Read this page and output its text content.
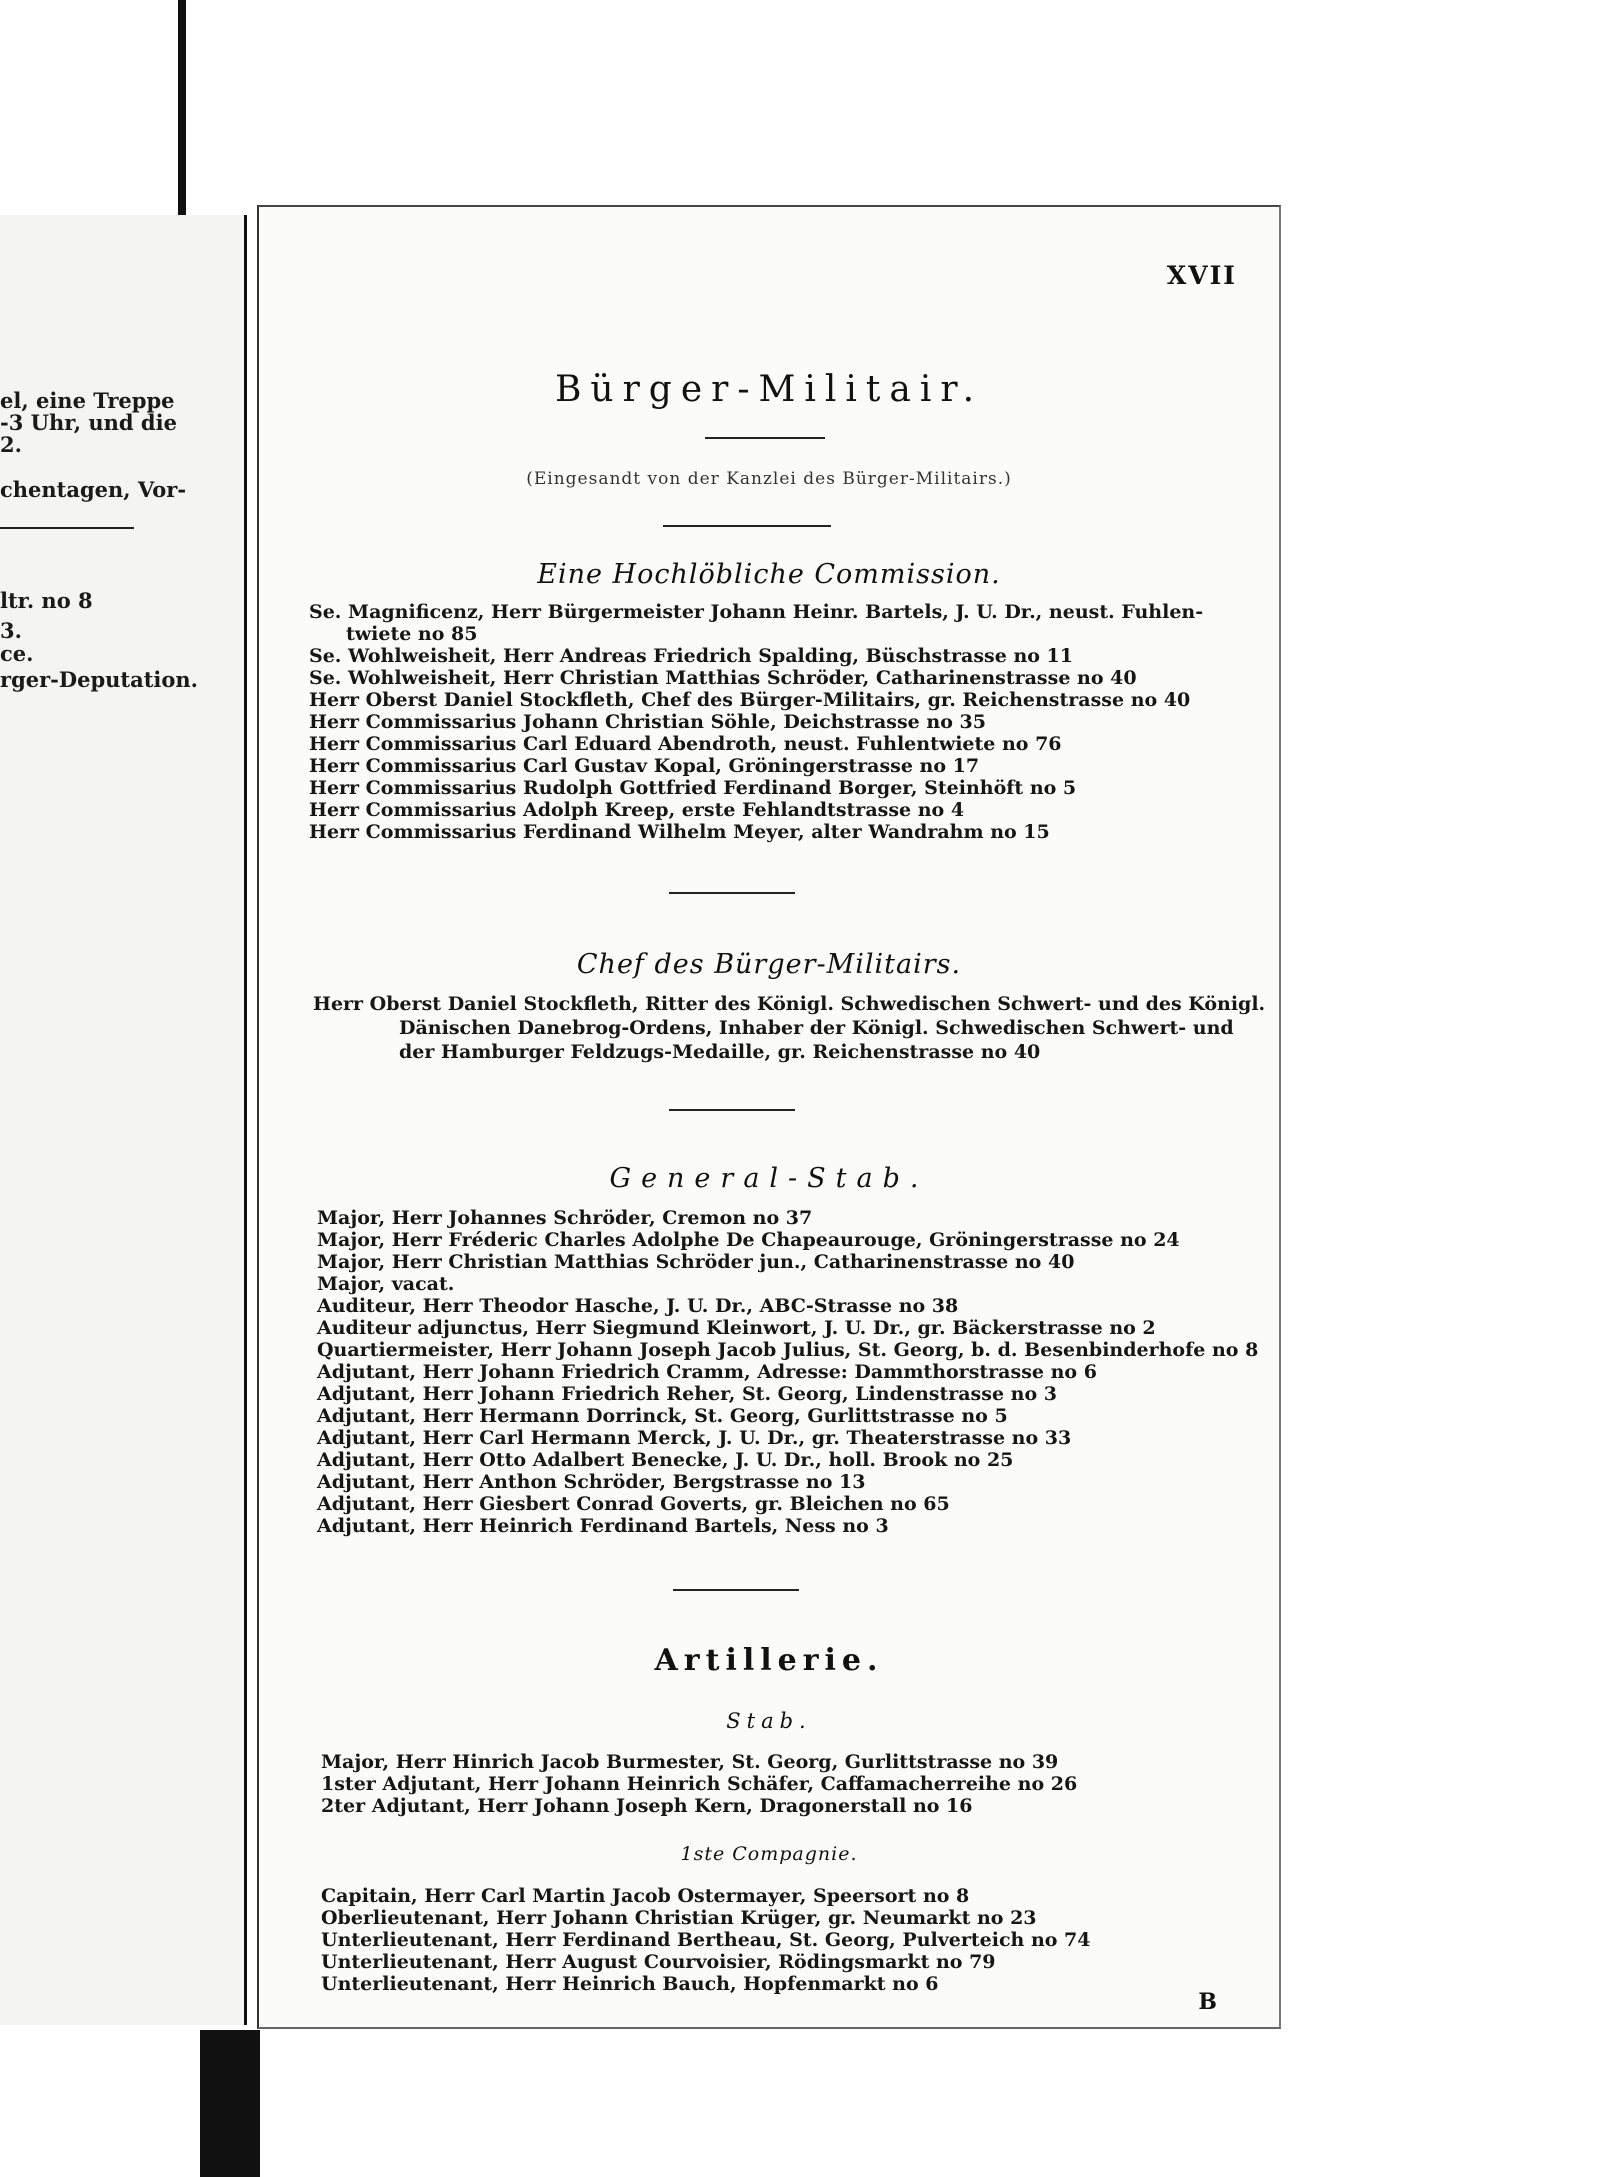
el, eine Treppe
-3 Uhr, und die
2.
chentagen, Vor-
ltr. no 8
3.
ce.
rger-Deputation.
XVII
Bürger-Militair.
(Eingesandt von der Kanzlei des Bürger-Militairs.)
Eine Hochlöbliche Commission.
Se. Magnificenz, Herr Bürgermeister Johann Heinr. Bartels, J. U. Dr., neust. Fuhlen-
twiete no 85
Se. Wohlweisheit, Herr Andreas Friedrich Spalding, Büschstrasse no 11
Se. Wohlweisheit, Herr Christian Matthias Schröder, Catharinenstrasse no 40
Herr Oberst Daniel Stockfleth, Chef des Bürger-Militairs, gr. Reichenstrasse no 40
Herr Commissarius Johann Christian Söhle, Deichstrasse no 35
Herr Commissarius Carl Eduard Abendroth, neust. Fuhlentwiete no 76
Herr Commissarius Carl Gustav Kopal, Gröningerstrasse no 17
Herr Commissarius Rudolph Gottfried Ferdinand Borger, Steinhöft no 5
Herr Commissarius Adolph Kreep, erste Fehlandtstrasse no 4
Herr Commissarius Ferdinand Wilhelm Meyer, alter Wandrahm no 15
Chef des Bürger-Militairs.
Herr Oberst Daniel Stockfleth, Ritter des Königl. Schwedischen Schwert- und des Königl.
Dänischen Danebrog-Ordens, Inhaber der Königl. Schwedischen Schwert- und
der Hamburger Feldzugs-Medaille, gr. Reichenstrasse no 40
General-Stab.
Major, Herr Johannes Schröder, Cremon no 37
Major, Herr Fréderic Charles Adolphe De Chapeaurouge, Gröningerstrasse no 24
Major, Herr Christian Matthias Schröder jun., Catharinenstrasse no 40
Major, vacat.
Auditeur, Herr Theodor Hasche, J. U. Dr., ABC-Strasse no 38
Auditeur adjunctus, Herr Siegmund Kleinwort, J. U. Dr., gr. Bäckerstrasse no 2
Quartiermeister, Herr Johann Joseph Jacob Julius, St. Georg, b. d. Besenbinderhofe no 8
Adjutant, Herr Johann Friedrich Cramm, Adresse: Dammthorstrasse no 6
Adjutant, Herr Johann Friedrich Reher, St. Georg, Lindenstrasse no 3
Adjutant, Herr Hermann Dorrinck, St. Georg, Gurlittstrasse no 5
Adjutant, Herr Carl Hermann Merck, J. U. Dr., gr. Theaterstrasse no 33
Adjutant, Herr Otto Adalbert Benecke, J. U. Dr., holl. Brook no 25
Adjutant, Herr Anthon Schröder, Bergstrasse no 13
Adjutant, Herr Giesbert Conrad Goverts, gr. Bleichen no 65
Adjutant, Herr Heinrich Ferdinand Bartels, Ness no 3
Artillerie.
Stab.
Major, Herr Hinrich Jacob Burmester, St. Georg, Gurlittstrasse no 39
1ster Adjutant, Herr Johann Heinrich Schäfer, Caffamacherreihe no 26
2ter Adjutant, Herr Johann Joseph Kern, Dragonerstall no 16
1ste Compagnie.
Capitain, Herr Carl Martin Jacob Ostermayer, Speersort no 8
Oberlieutenant, Herr Johann Christian Krüger, gr. Neumarkt no 23
Unterlieutenant, Herr Ferdinand Bertheau, St. Georg, Pulverteich no 74
Unterlieutenant, Herr August Courvoisier, Rödingsmarkt no 79
Unterlieutenant, Herr Heinrich Bauch, Hopfenmarkt no 6
B
